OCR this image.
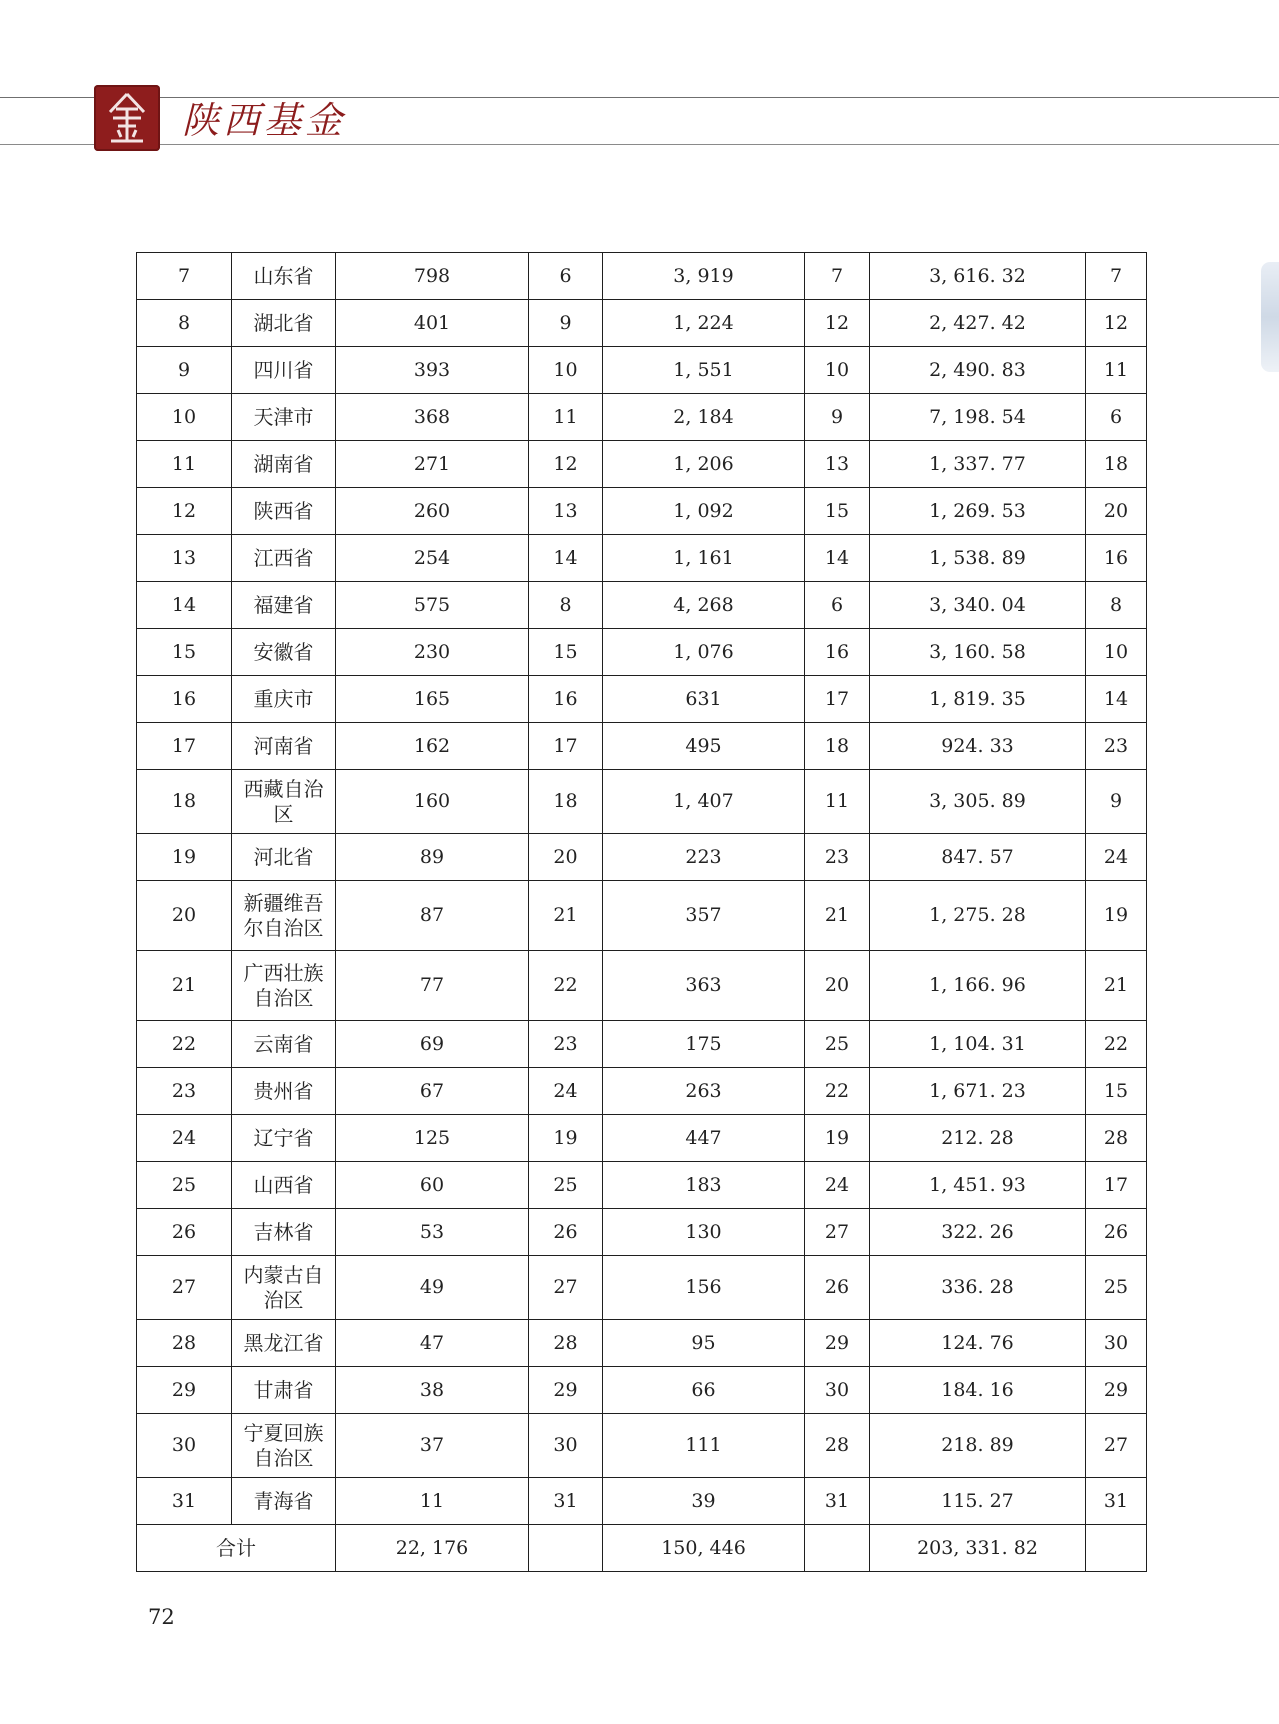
陕西基金
7	山东省	798	6	3, 919	7	3, 616. 32	7
8	湖北省	401	9	1, 224	12	2, 427. 42	12
9	四川省	393	10	1, 551	10	2, 490. 83	11
10	天津市	368	11	2, 184	9	7, 198. 54	6
11	湖南省	271	12	1, 206	13	1, 337. 77	18
12	陕西省	260	13	1, 092	15	1, 269. 53	20
13	江西省	254	14	1, 161	14	1, 538. 89	16
14	福建省	575	8	4, 268	6	3, 340. 04	8
15	安徽省	230	15	1, 076	16	3, 160. 58	10
16	重庆市	165	16	631	17	1, 819. 35	14
17	河南省	162	17	495	18	924. 33	23
18	西藏自治区	160	18	1, 407	11	3, 305. 89	9
19	河北省	89	20	223	23	847. 57	24
20	新疆维吾尔自治区	87	21	357	21	1, 275. 28	19
21	广西壮族自治区	77	22	363	20	1, 166. 96	21
22	云南省	69	23	175	25	1, 104. 31	22
23	贵州省	67	24	263	22	1, 671. 23	15
24	辽宁省	125	19	447	19	212. 28	28
25	山西省	60	25	183	24	1, 451. 93	17
26	吉林省	53	26	130	27	322. 26	26
27	内蒙古自治区	49	27	156	26	336. 28	25
28	黑龙江省	47	28	95	29	124. 76	30
29	甘肃省	38	29	66	30	184. 16	29
30	宁夏回族自治区	37	30	111	28	218. 89	27
31	青海省	11	31	39	31	115. 27	31
合计		22, 176		150, 446		203, 331. 82	
72
